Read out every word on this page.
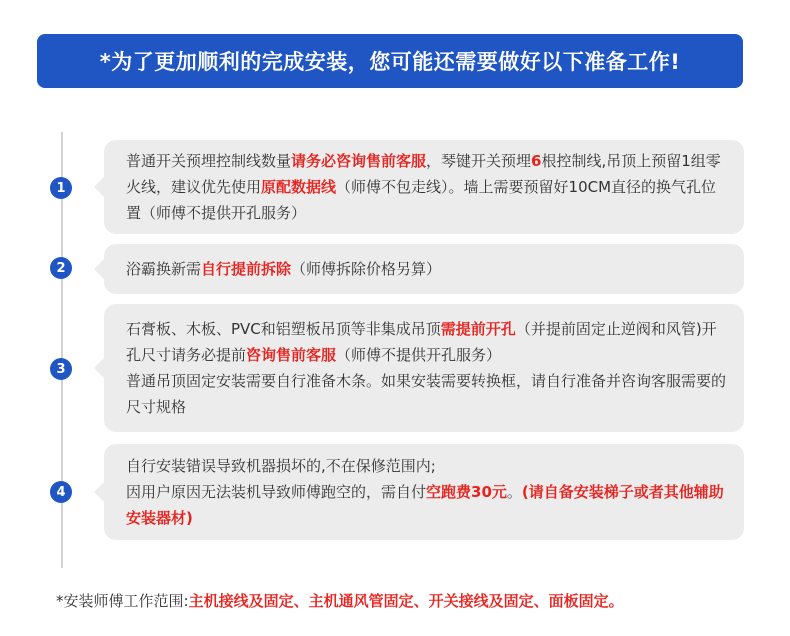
*为了更加顺利的完成安装，您可能还需要做好以下准备工作!
1
普通开关预埋控制线数量请务必咨询售前客服，琴键开关预埋6根控制线,吊顶上预留1组零火线，建议优先使用原配数据线（师傅不包走线）。墙上需要预留好10CM直径的换气孔位置（师傅不提供开孔服务）
2	浴霸换新需自行提前拆除（师傅拆除价格另算）
3
石膏板、木板、PVC和铝塑板吊顶等非集成吊顶需提前开孔（并提前固定止逆阀和风管)开孔尺寸请务必提前咨询售前客服（师傅不提供开孔服务）
普通吊顶固定安装需要自行准备木条。如果安装需要转换框，请自行准备并咨询客服需要的尺寸规格
4
自行安装错误导致机器损坏的,不在保修范围内;
因用户原因无法装机导致师傅跑空的，需自付空跑费30元。(请自备安装梯子或者其他辅助安装器材)
*安装师傅工作范围:主机接线及固定、主机通风管固定、开关接线及固定、面板固定。
